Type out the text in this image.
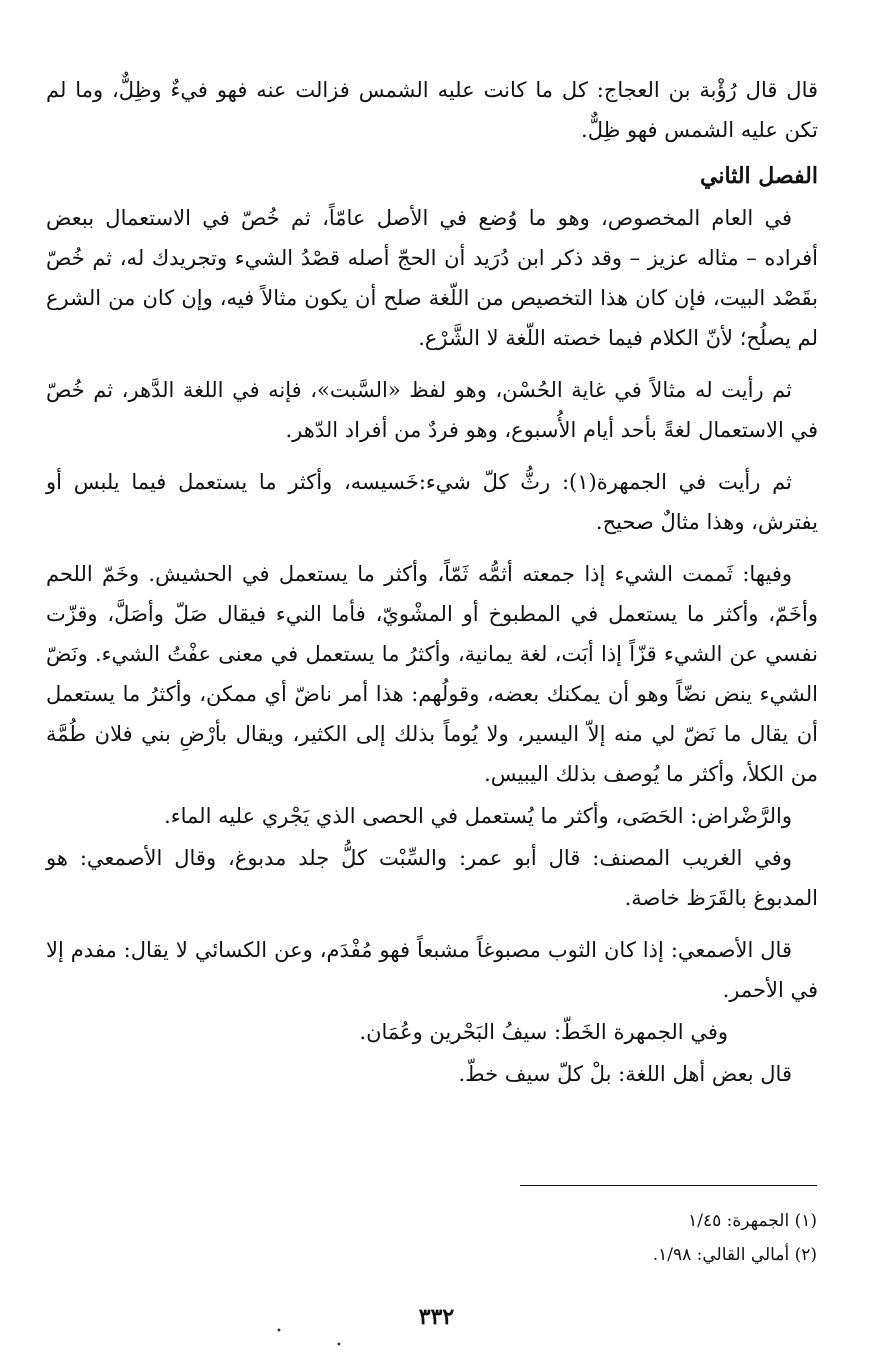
قال قال رُؤْبة بن العجاج: كل ما كانت عليه الشمس فزالت عنه فهو فيءٌ وظِلٌّ، وما لم تكن عليه الشمس فهو ظِلٌّ.

الفصل الثاني

في العام المخصوص، وهو ما وُضع في الأصل عامّاً، ثم خُصّ في الاستعمال ببعض أفراده – مثاله عزيز – وقد ذكر ابن دُرَيد أن الحجّ أصله قصْدُ الشيء وتجريدك له، ثم خُصّ بقَصْد البيت، فإن كان هذا التخصيص من اللّغة صلح أن يكون مثالاً فيه، وإن كان من الشرع لم يصلُح؛ لأنّ الكلام فيما خصته اللّغة لا الشَّرْع.

ثم رأيت له مثالاً في غاية الحُسْن، وهو لفظ «السَّبت»، فإنه في اللغة الدَّهر، ثم خُصّ في الاستعمال لغةً بأحد أيام الأُسبوع، وهو فردٌ من أفراد الدّهر.

ثم رأيت في الجمهرة(١): رثُّ كلّ شيء:خَسيسه، وأكثر ما يستعمل فيما يلبس أو يفترش، وهذا مثالٌ صحيح.

وفيها: ثَممت الشيء إذا جمعته أثمُّه ثَمّاً، وأكثر ما يستعمل في الحشيش. وخَمّ اللحم وأخَمّ، وأكثر ما يستعمل في المطبوخ أو المشْويّ، فأما النيء فيقال صَلّ وأصَلَّ، وقزّت نفسي عن الشيء قزّاً إذا أبَت، لغة يمانية، وأكثرُ ما يستعمل في معنى عفْتُ الشيء. ونَضّ الشيء ينض نضّاً وهو أن يمكنك بعضه، وقولُهم: هذا أمر ناضّ أي ممكن، وأكثرُ ما يستعمل أن يقال ما نَضّ لي منه إلاّ اليسير، ولا يُوماً بذلك إلى الكثير، ويقال بأرْضِ بني فلان طُمَّة من الكلأ، وأكثر ما يُوصف بذلك اليبيس.

والرَّضْراض: الحَصَى، وأكثر ما يُستعمل في الحصى الذي يَجْري عليه الماء.

وفي الغريب المصنف: قال أبو عمر: والسِّبْت كلُّ جلد مدبوغ، وقال الأصمعي: هو المدبوغ بالقَرَظ خاصة.

قال الأصمعي: إذا كان الثوب مصبوغاً مشبعاً فهو مُفْدَم، وعن الكسائي لا يقال: مفدم إلا في الأحمر.

وفي الجمهرة الخَطّ: سيفُ البَحْرين وعُمَان.

قال بعض أهل اللغة: بلْ كلّ سيف خطّ.

(١) الجمهرة: ١/٤٥

(٢) أمالي القالي: ١/٩٨.

٣٣٢
•
•
